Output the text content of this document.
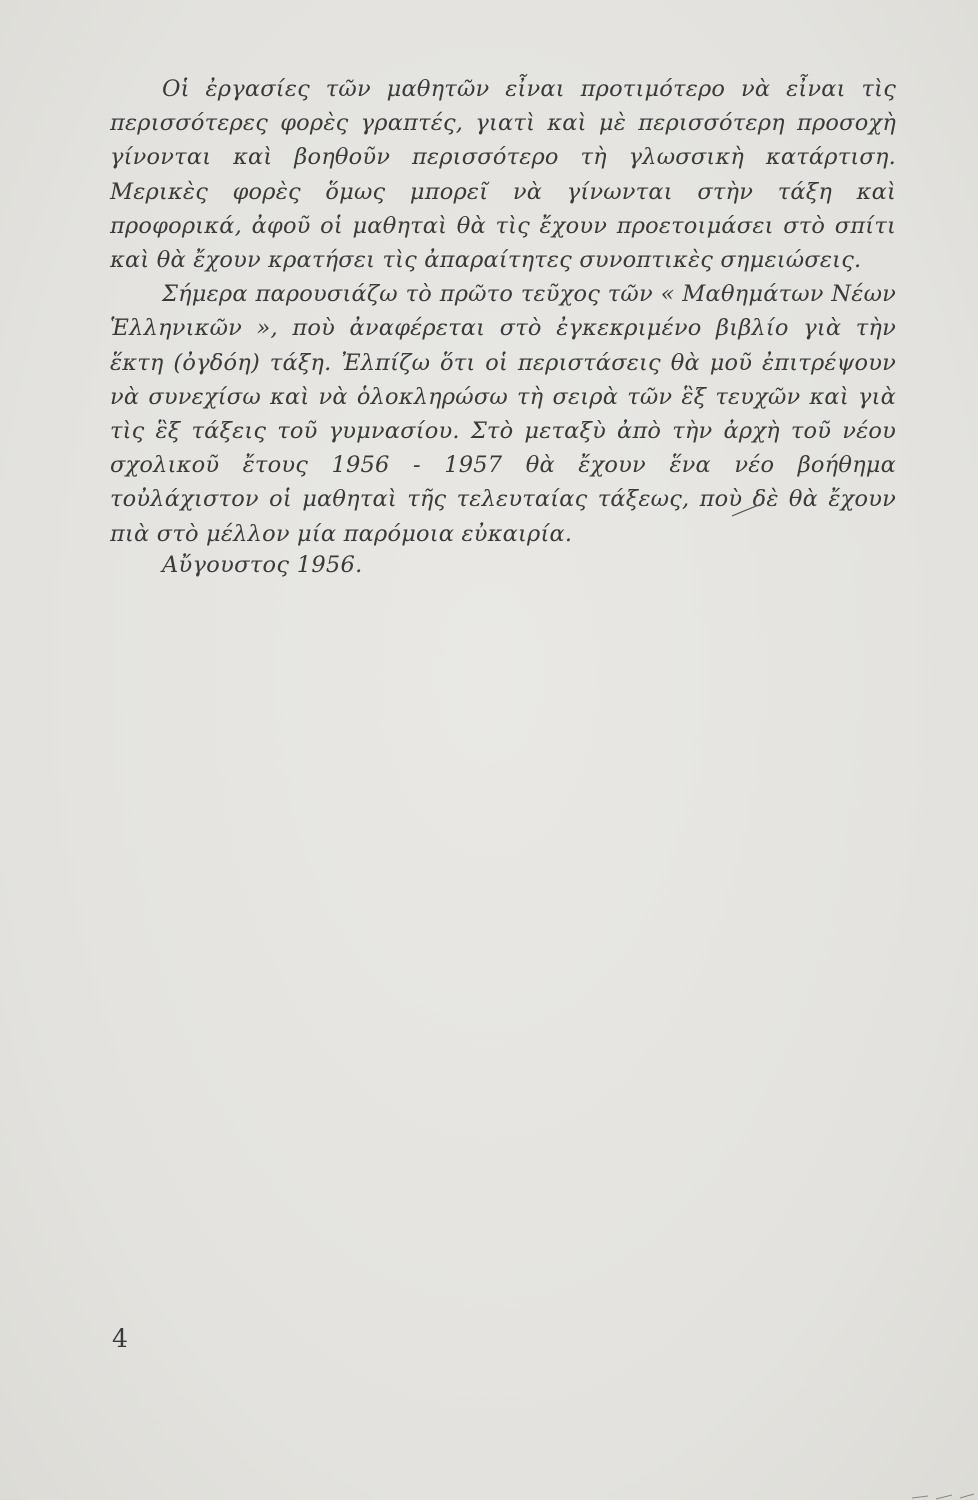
Οἱ ἐργασίες τῶν μαθητῶν εἶναι προτιμότερο νὰ εἶναι τὶς περισσότερες φορὲς γραπτές, γιατὶ καὶ μὲ περισσότερη προσοχὴ γίνονται καὶ βοηθοῦν περισσότερο τὴ γλωσσικὴ κατάρτιση. Μερικὲς φορὲς ὅμως μπορεῖ νὰ γίνωνται στὴν τάξη καὶ προφορικά, ἀφοῦ οἱ μαθηταὶ θὰ τὶς ἔχουν προετοιμάσει στὸ σπίτι καὶ θὰ ἔχουν κρατήσει τὶς ἀπαραίτητες συνοπτικὲς σημειώσεις.

Σήμερα παρουσιάζω τὸ πρῶτο τεῦχος τῶν « Μαθημάτων Νέων Ἑλληνικῶν », ποὺ ἀναφέρεται στὸ ἐγκεκριμένο βιβλίο γιὰ τὴν ἕκτη (ὀγδόη) τάξη. Ἐλπίζω ὅτι οἱ περιστάσεις θὰ μοῦ ἐπιτρέψουν νὰ συνεχίσω καὶ νὰ ὁλοκληρώσω τὴ σειρὰ τῶν ἓξ τευχῶν καὶ γιὰ τὶς ἓξ τάξεις τοῦ γυμνασίου. Στὸ μεταξὺ ἀπὸ τὴν ἀρχὴ τοῦ νέου σχολικοῦ ἔτους 1956 - 1957 θὰ ἔχουν ἕνα νέο βοήθημα τοὐλάχιστον οἱ μαθηταὶ τῆς τελευταίας τάξεως, ποὺ δὲ θὰ ἔχουν πιὰ στὸ μέλλον μία παρόμοια εὐκαιρία.

Αὔγουστος 1956.
4
